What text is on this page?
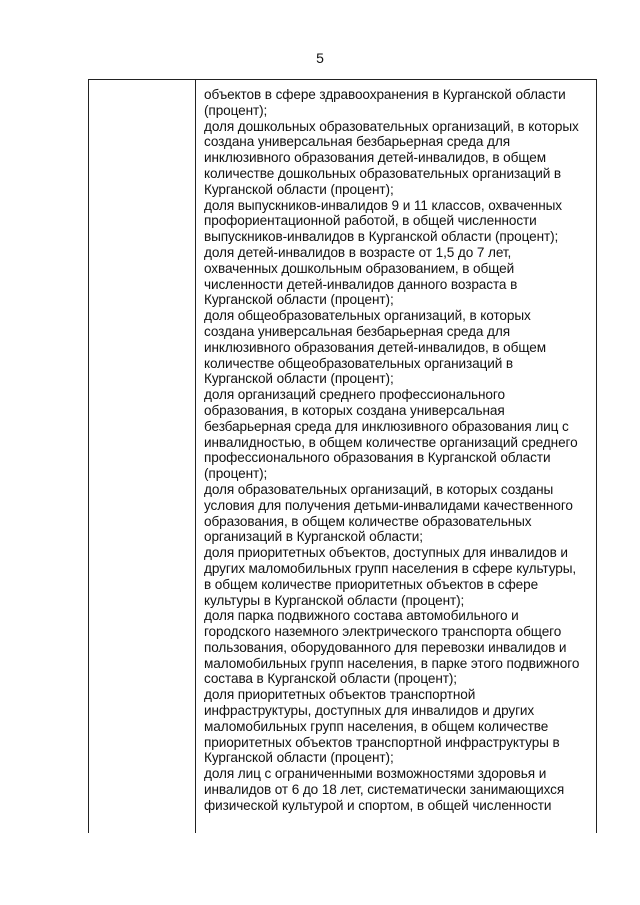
5
объектов в сфере здравоохранения в Курганской области
(процент);
доля дошкольных образовательных организаций, в которых
создана универсальная безбарьерная среда для
инклюзивного образования детей-инвалидов, в общем
количестве дошкольных образовательных организаций в
Курганской области (процент);
доля выпускников-инвалидов 9 и 11 классов, охваченных
профориентационной работой, в общей численности
выпускников-инвалидов в Курганской области (процент);
доля детей-инвалидов в возрасте от 1,5 до 7 лет,
охваченных дошкольным образованием, в общей
численности детей-инвалидов данного возраста в
Курганской области (процент);
доля общеобразовательных организаций, в которых
создана универсальная безбарьерная среда для
инклюзивного образования детей-инвалидов, в общем
количестве общеобразовательных организаций в
Курганской области (процент);
доля организаций среднего профессионального
образования, в которых создана универсальная
безбарьерная среда для инклюзивного образования лиц с
инвалидностью, в общем количестве организаций среднего
профессионального образования в Курганской области
(процент);
доля образовательных организаций, в которых созданы
условия для получения детьми-инвалидами качественного
образования, в общем количестве образовательных
организаций в Курганской области;
доля приоритетных объектов, доступных для инвалидов и
других маломобильных групп населения в сфере культуры,
в общем количестве приоритетных объектов в сфере
культуры в Курганской области (процент);
доля парка подвижного состава автомобильного и
городского наземного электрического транспорта общего
пользования, оборудованного для перевозки инвалидов и
маломобильных групп населения, в парке этого подвижного
состава в Курганской области (процент);
доля приоритетных объектов транспортной
инфраструктуры, доступных для инвалидов и других
маломобильных групп населения, в общем количестве
приоритетных объектов транспортной инфраструктуры в
Курганской области (процент);
доля лиц с ограниченными возможностями здоровья и
инвалидов от 6 до 18 лет, систематически занимающихся
физической культурой и спортом, в общей численности
